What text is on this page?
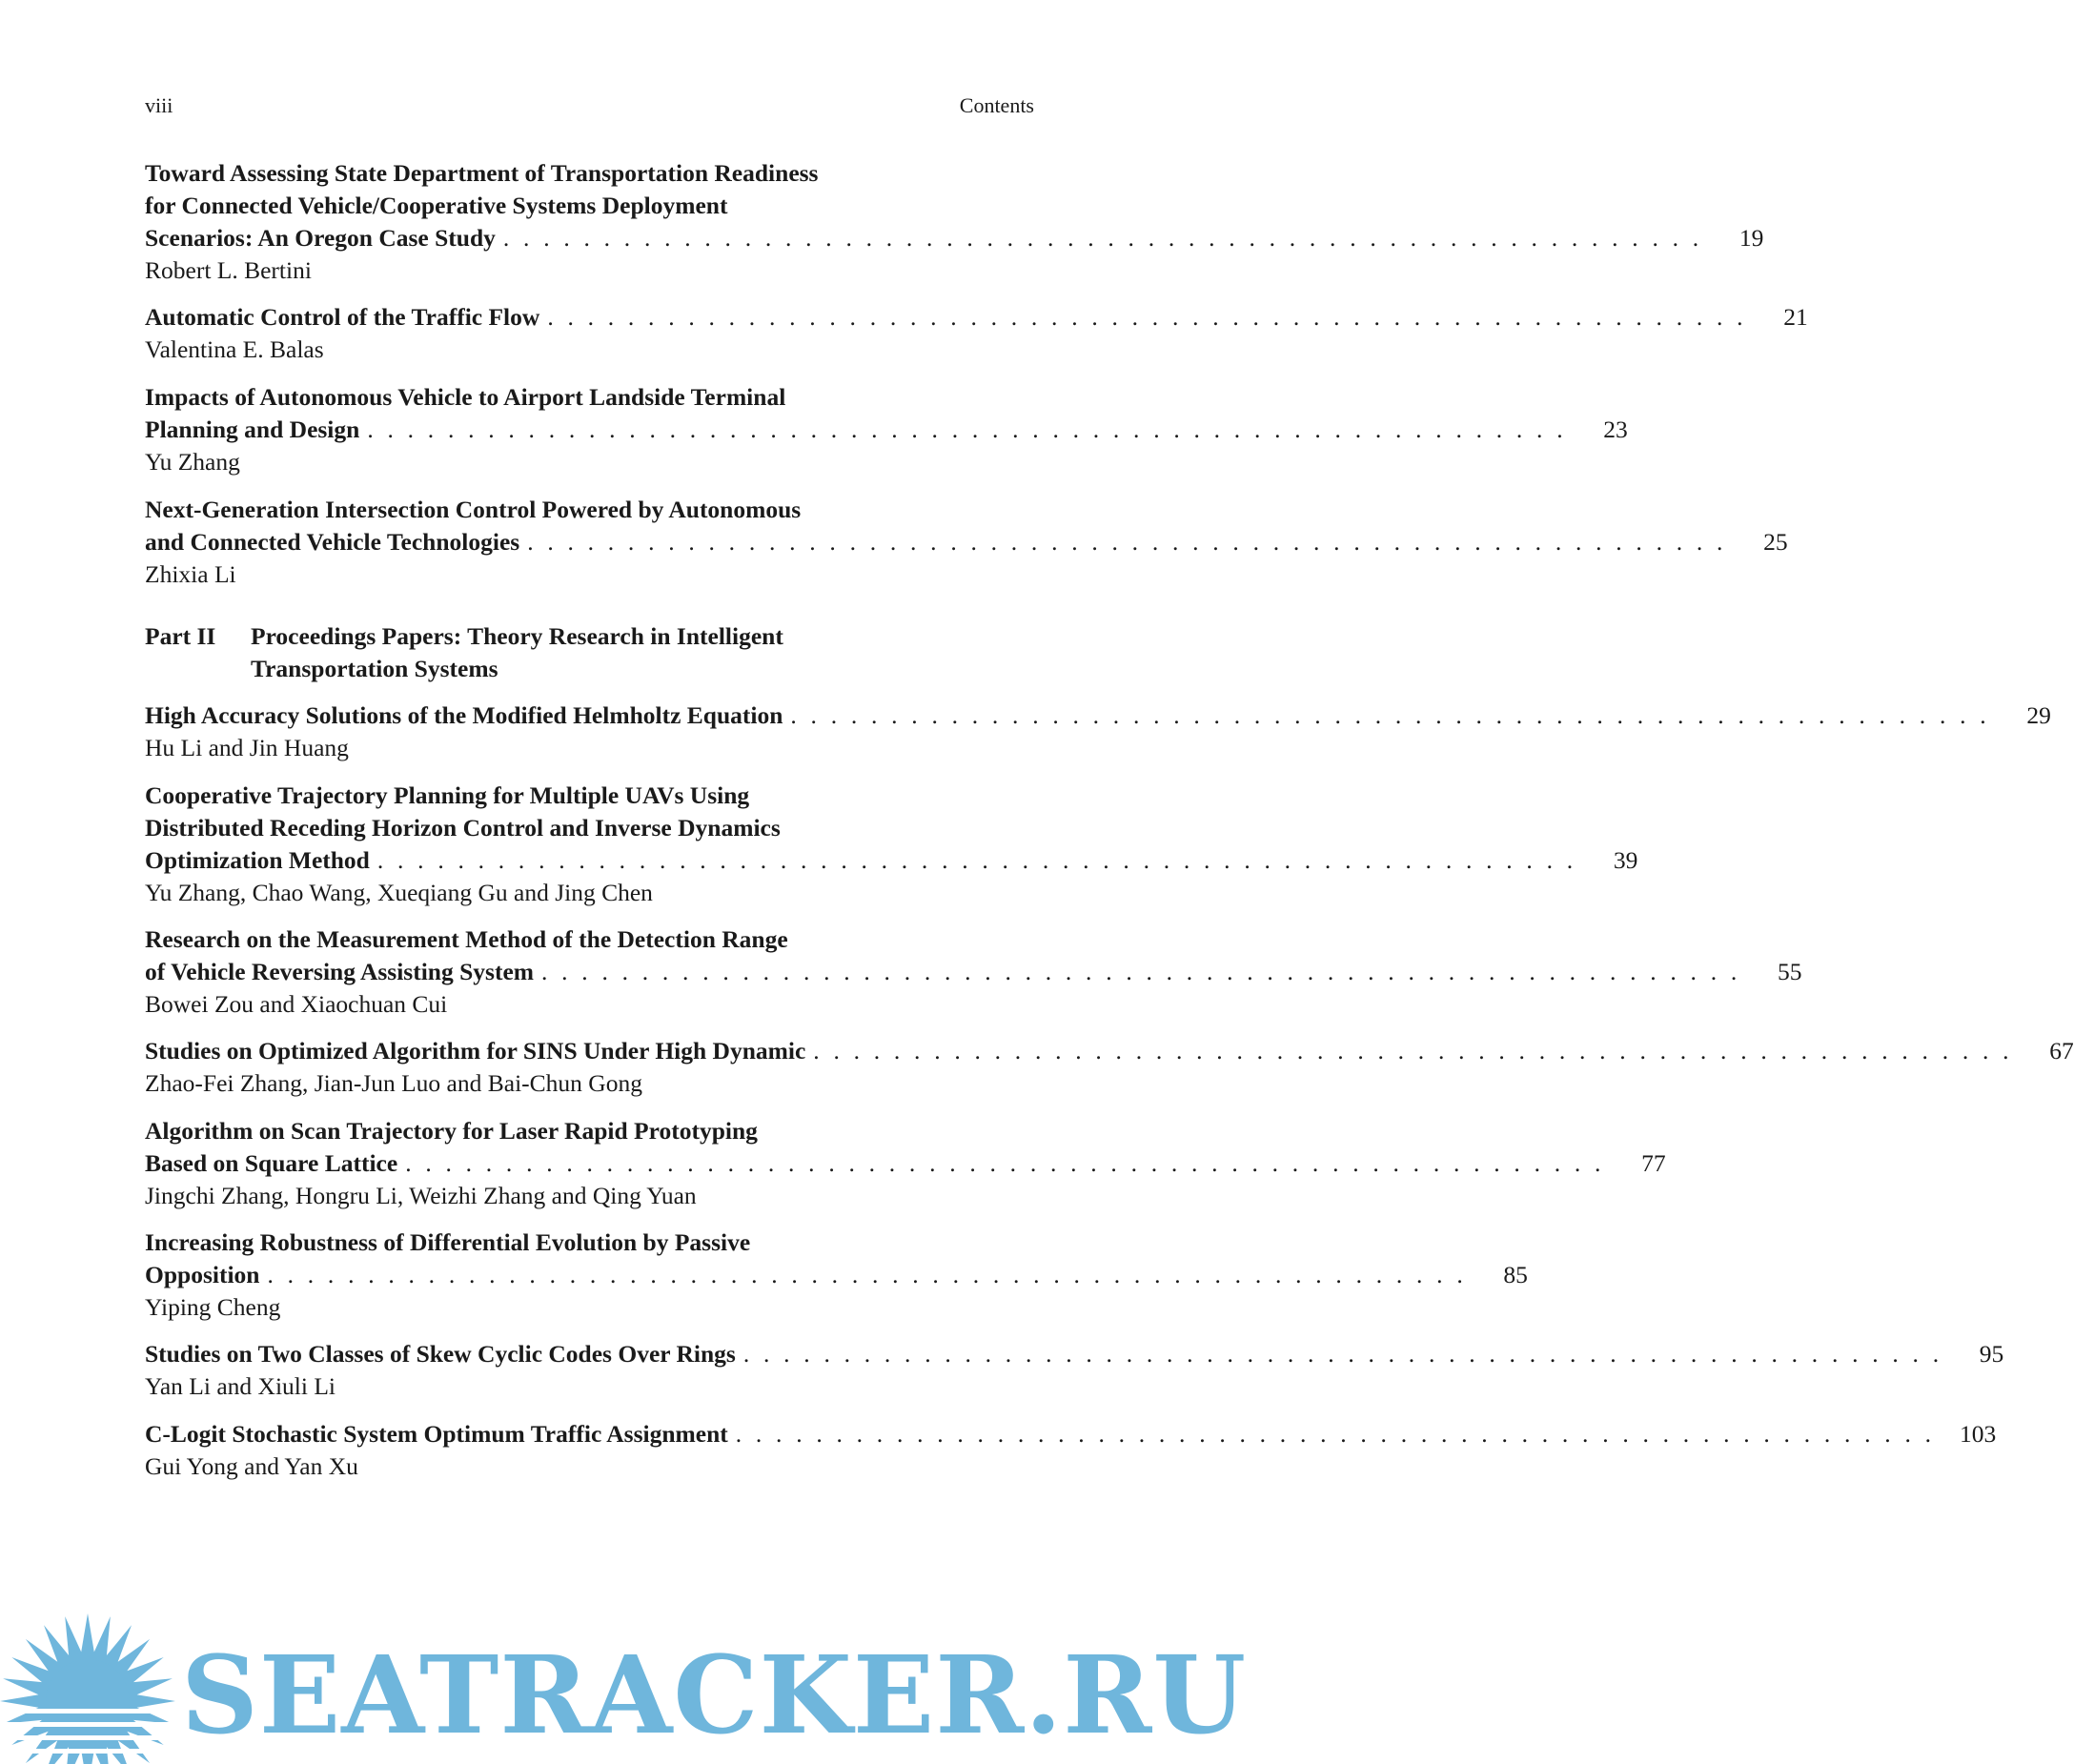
viii	Contents
Toward Assessing State Department of Transportation Readiness
for Connected Vehicle/Cooperative Systems Deployment
Scenarios: An Oregon Case Study . . . . . . . . . . . . . . . . . . . . . . . . . . . . . . . . . . . . . . . . . . . . . . . . . . . . . . . . . . . .	19
Robert L. Bertini
Automatic Control of the Traffic Flow . . . . . . . . . . . . . . . . . . . . . . . . . . . . . . . . . . . . . . . . . . . . . . . . . . . . . . . . . . . .	21
Valentina E. Balas
Impacts of Autonomous Vehicle to Airport Landside Terminal
Planning and Design . . . . . . . . . . . . . . . . . . . . . . . . . . . . . . . . . . . . . . . . . . . . . . . . . . . . . . . . . . . .	23
Yu Zhang
Next-Generation Intersection Control Powered by Autonomous
and Connected Vehicle Technologies . . . . . . . . . . . . . . . . . . . . . . . . . . . . . . . . . . . . . . . . . . . . . . . . . . . . . . . . . . . .	25
Zhixia Li
Part II Proceedings Papers: Theory Research in Intelligent
Transportation Systems
High Accuracy Solutions of the Modified Helmholtz Equation . . . . . . . . . . . . . . . . . . . . . . . . . . . . . . . . . . . . . . . . . . . . . . . . . . . . . . . . . . . .	29
Hu Li and Jin Huang
Cooperative Trajectory Planning for Multiple UAVs Using
Distributed Receding Horizon Control and Inverse Dynamics
Optimization Method . . . . . . . . . . . . . . . . . . . . . . . . . . . . . . . . . . . . . . . . . . . . . . . . . . . . . . . . . . . .	39
Yu Zhang, Chao Wang, Xueqiang Gu and Jing Chen
Research on the Measurement Method of the Detection Range
of Vehicle Reversing Assisting System . . . . . . . . . . . . . . . . . . . . . . . . . . . . . . . . . . . . . . . . . . . . . . . . . . . . . . . . . . . .	55
Bowei Zou and Xiaochuan Cui
Studies on Optimized Algorithm for SINS Under High Dynamic . . . . . . . . . . . . . . . . . . . . . . . . . . . . . . . . . . . . . . . . . . . . . . . . . . . . . . . . . . . .	67
Zhao-Fei Zhang, Jian-Jun Luo and Bai-Chun Gong
Algorithm on Scan Trajectory for Laser Rapid Prototyping
Based on Square Lattice . . . . . . . . . . . . . . . . . . . . . . . . . . . . . . . . . . . . . . . . . . . . . . . . . . . . . . . . . . . .	77
Jingchi Zhang, Hongru Li, Weizhi Zhang and Qing Yuan
Increasing Robustness of Differential Evolution by Passive
Opposition . . . . . . . . . . . . . . . . . . . . . . . . . . . . . . . . . . . . . . . . . . . . . . . . . . . . . . . . . . . .	85
Yiping Cheng
Studies on Two Classes of Skew Cyclic Codes Over Rings . . . . . . . . . . . . . . . . . . . . . . . . . . . . . . . . . . . . . . . . . . . . . . . . . . . . . . . . . . . .	95
Yan Li and Xiuli Li
C-Logit Stochastic System Optimum Traffic Assignment . . . . . . . . . . . . . . . . . . . . . . . . . . . . . . . . . . . . . . . . . . . . . . . . . . . . . . . . . . . .	103
Gui Yong and Yan Xu
SEATRACKER.RU
